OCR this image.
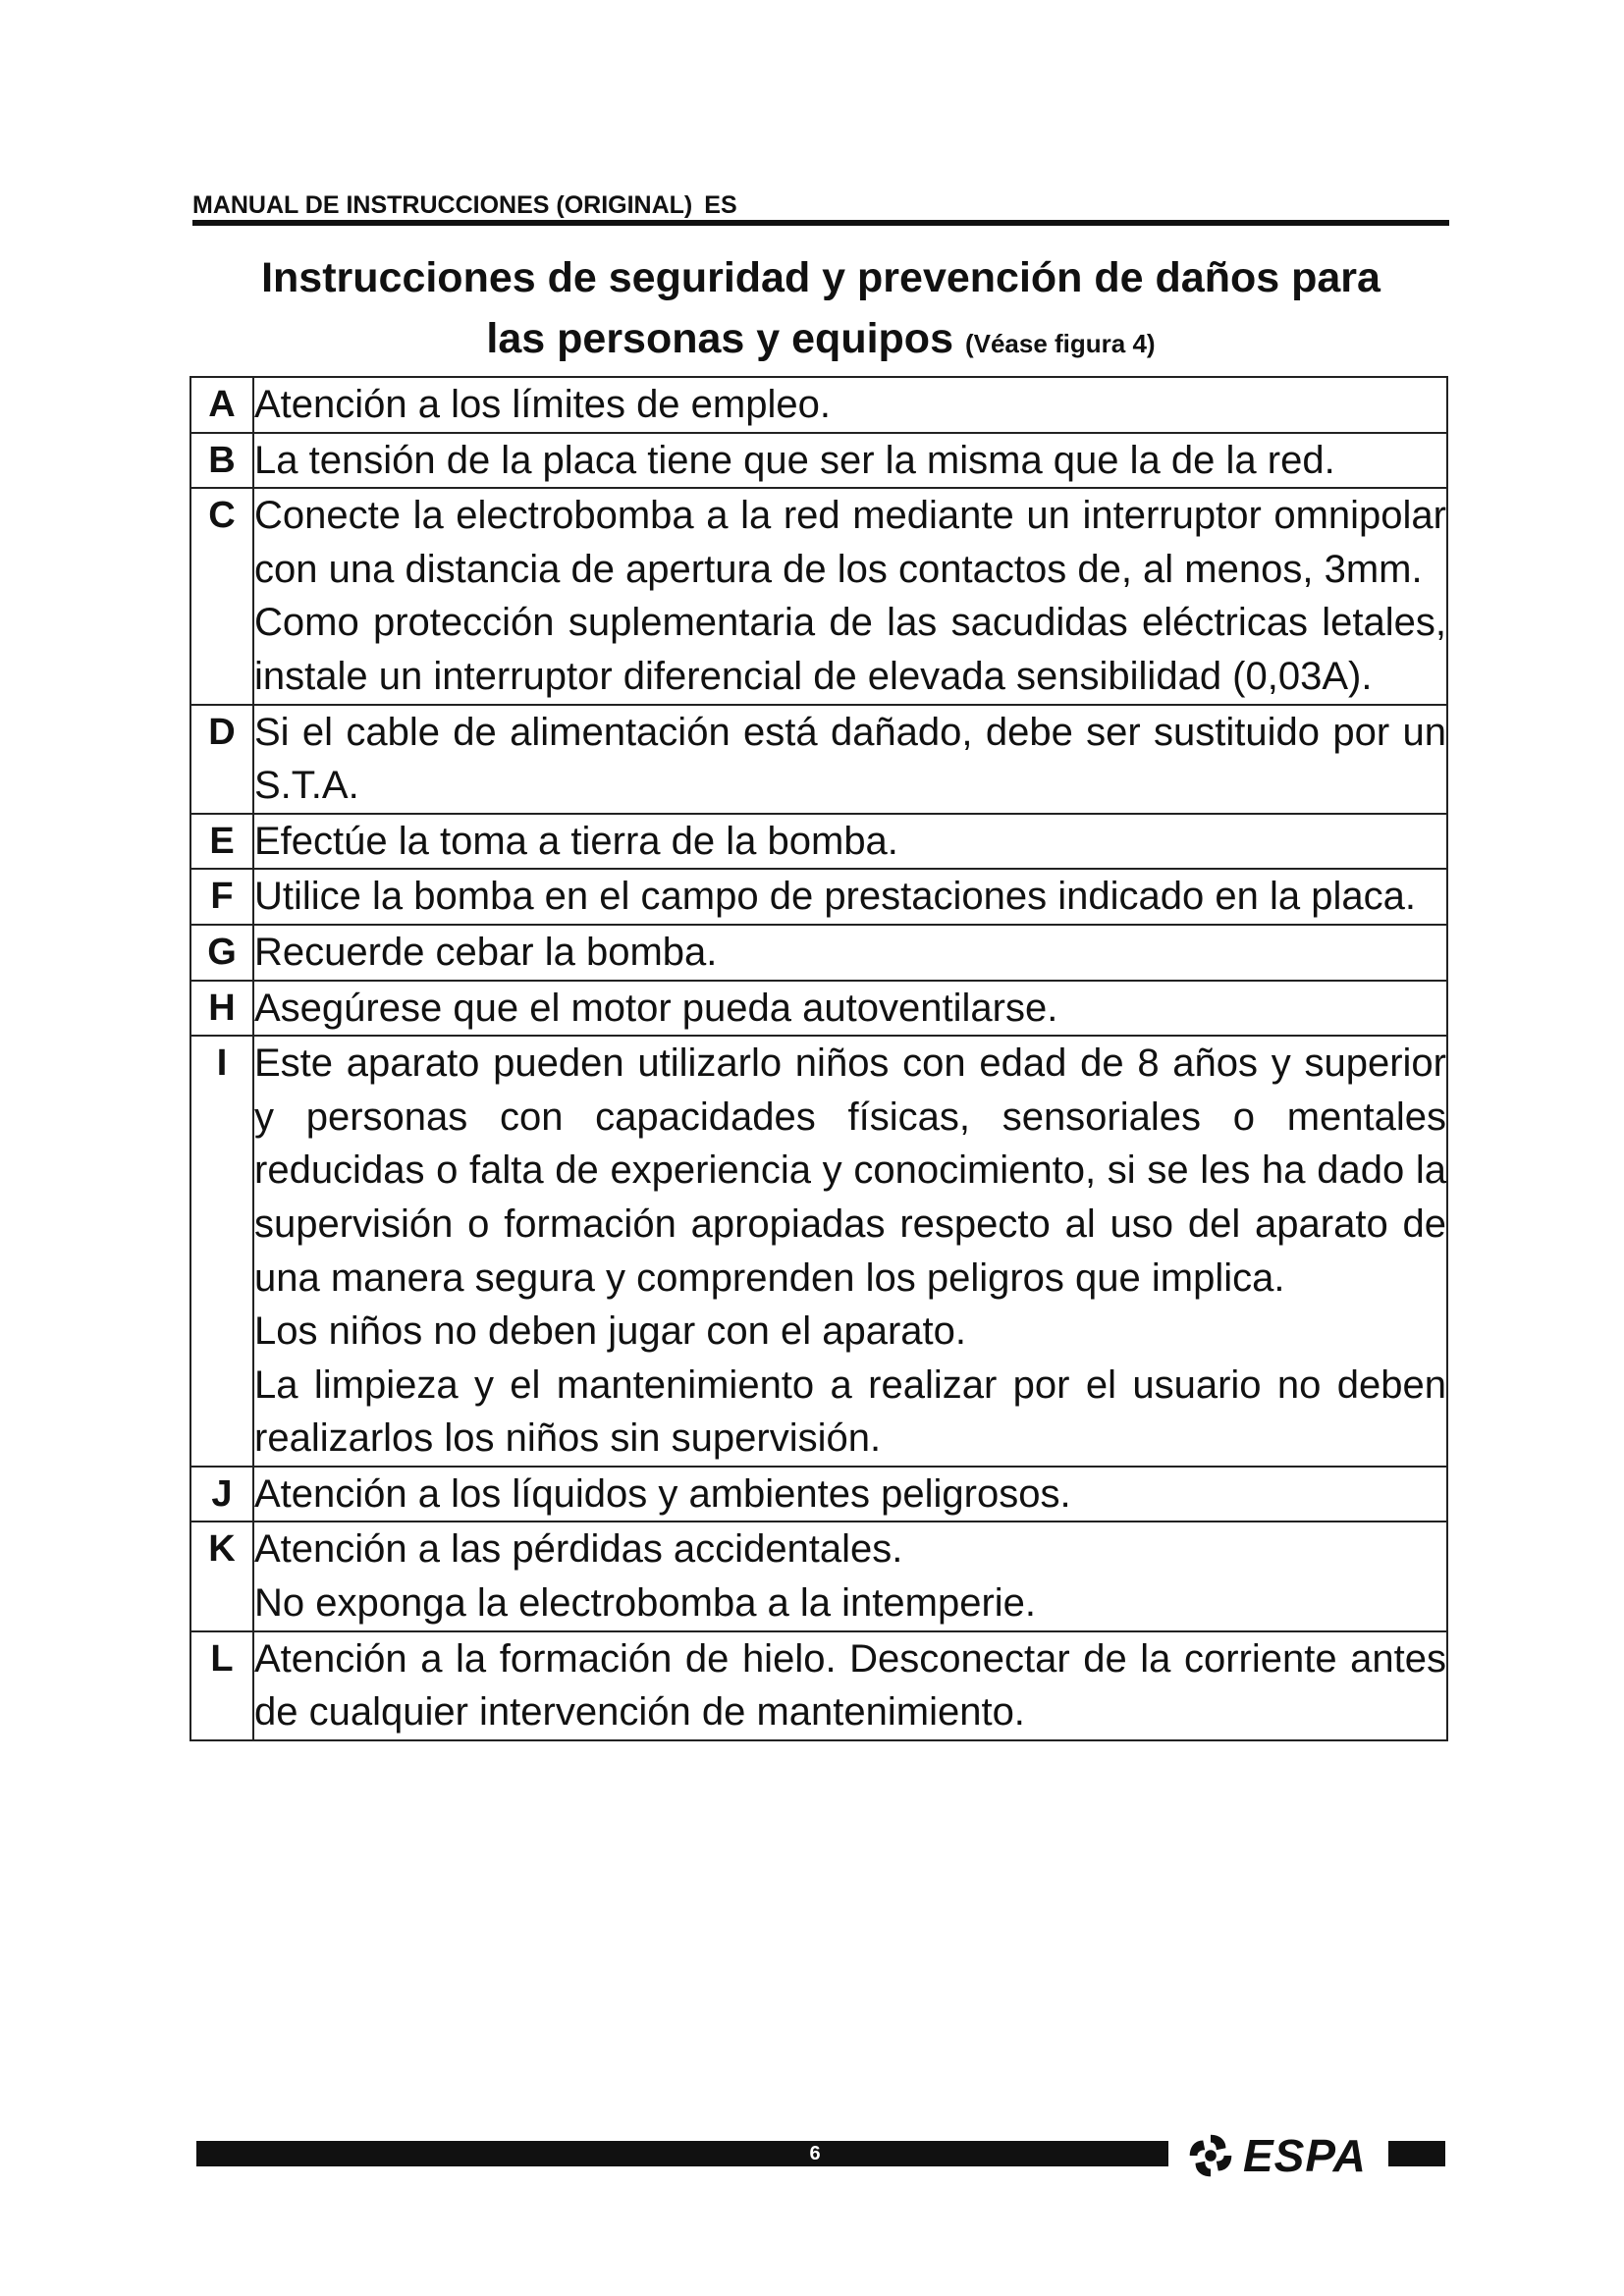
MANUAL DE INSTRUCCIONES (ORIGINAL) ES
Instrucciones de seguridad y prevención de daños para
las personas y equipos (Véase figura 4)
A	Atención a los límites de empleo.

B	La tensión de la placa tiene que ser la misma que la de la red.

C	Conecte la electrobomba a la red mediante un interruptor omnipolar con una distancia de apertura de los contactos de, al menos, 3mm.

Como protección suplementaria de las sacudidas eléctricas letales, instale un interruptor diferencial de elevada sensibilidad (0,03A).

D	Si el cable de alimentación está dañado, debe ser sustituido por un S.T.A.

E	Efectúe la toma a tierra de la bomba.

F	Utilice la bomba en el campo de prestaciones indicado en la placa.

G	Recuerde cebar la bomba.

H	Asegúrese que el motor pueda autoventilarse.

I	Este aparato pueden utilizarlo niños con edad de 8 años y superior y personas con capacidades físicas, sensoriales o mentales reducidas o falta de experiencia y conocimiento, si se les ha dado la supervisión o formación apropiadas respecto al uso del aparato de una manera segura y comprenden los peligros que implica.

Los niños no deben jugar con el aparato.

La limpieza y el mantenimiento a realizar por el usuario no deben realizarlos los niños sin supervisión.

J	Atención a los líquidos y ambientes peligrosos.

K	Atención a las pérdidas accidentales.

No exponga la electrobomba a la intemperie.

L	Atención a la formación de hielo. Desconectar de la corriente antes de cualquier intervención de mantenimiento.

6	ESPA
